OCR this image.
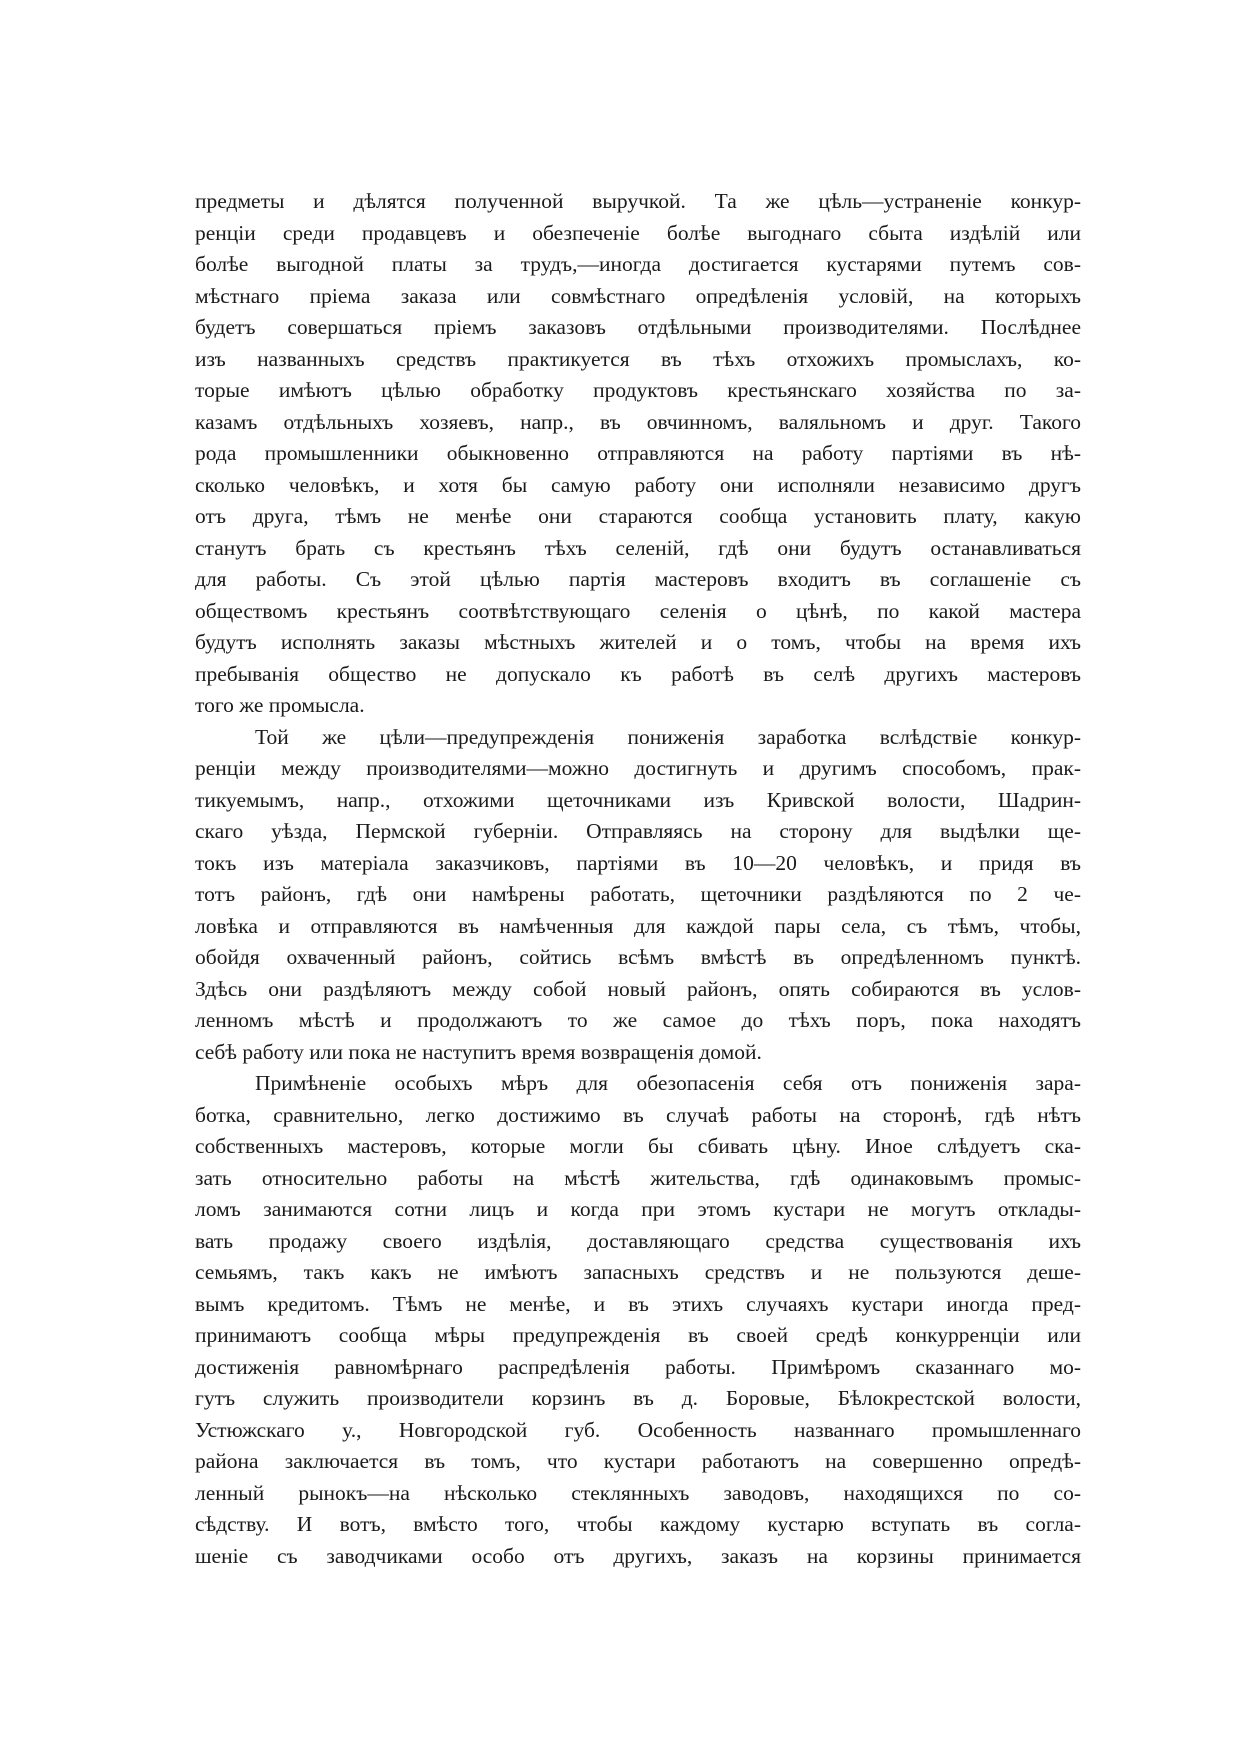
предметы и дѣлятся полученной выручкой. Та же цѣль—устраненіе конкур-
ренціи среди продавцевъ и обезпеченіе болѣе выгоднаго сбыта издѣлій или
болѣе выгодной платы за трудъ,—иногда достигается кустарями путемъ сов-
мѣстнаго пріема заказа или совмѣстнаго опредѣленія условій, на которыхъ
будетъ совершаться пріемъ заказовъ отдѣльными производителями. Послѣднее
изъ названныхъ средствъ практикуется въ тѣхъ отхожихъ промыслахъ, ко-
торые имѣютъ цѣлью обработку продуктовъ крестьянскаго хозяйства по за-
казамъ отдѣльныхъ хозяевъ, напр., въ овчинномъ, валяльномъ и друг. Такого
рода промышленники обыкновенно отправляются на работу партіями въ нѣ-
сколько человѣкъ, и хотя бы самую работу они исполняли независимо другъ
отъ друга, тѣмъ не менѣе они стараются сообща установить плату, какую
станутъ брать съ крестьянъ тѣхъ селеній, гдѣ они будутъ останавливаться
для работы. Съ этой цѣлью партія мастеровъ входитъ въ соглашеніе съ
обществомъ крестьянъ соотвѣтствующаго селенія о цѣнѣ, по какой мастера
будутъ исполнять заказы мѣстныхъ жителей и о томъ, чтобы на время ихъ
пребыванія общество не допускало къ работѣ въ селѣ другихъ мастеровъ
того же промысла.
Той же цѣли—предупрежденія пониженія заработка вслѣдствіе конкур-
ренціи между производителями—можно достигнуть и другимъ способомъ, прак-
тикуемымъ, напр., отхожими щеточниками изъ Кривской волости, Шадрин-
скаго уѣзда, Пермской губерніи. Отправляясь на сторону для выдѣлки ще-
токъ изъ матеріала заказчиковъ, партіями въ 10—20 человѣкъ, и придя въ
тотъ районъ, гдѣ они намѣрены работать, щеточники раздѣляются по 2 че-
ловѣка и отправляются въ намѣченныя для каждой пары села, съ тѣмъ, чтобы,
обойдя охваченный районъ, сойтись всѣмъ вмѣстѣ въ опредѣленномъ пунктѣ.
Здѣсь они раздѣляютъ между собой новый районъ, опять собираются въ услов-
ленномъ мѣстѣ и продолжаютъ то же самое до тѣхъ поръ, пока находятъ
себѣ работу или пока не наступитъ время возвращенія домой.
Примѣненіе особыхъ мѣръ для обезопасенія себя отъ пониженія зара-
ботка, сравнительно, легко достижимо въ случаѣ работы на сторонѣ, гдѣ нѣтъ
собственныхъ мастеровъ, которые могли бы сбивать цѣну. Иное слѣдуетъ ска-
зать относительно работы на мѣстѣ жительства, гдѣ одинаковымъ промыс-
ломъ занимаются сотни лицъ и когда при этомъ кустари не могутъ отклады-
вать продажу своего издѣлія, доставляющаго средства существованія ихъ
семьямъ, такъ какъ не имѣютъ запасныхъ средствъ и не пользуются деше-
вымъ кредитомъ. Тѣмъ не менѣе, и въ этихъ случаяхъ кустари иногда пред-
принимаютъ сообща мѣры предупрежденія въ своей средѣ конкурренціи или
достиженія равномѣрнаго распредѣленія работы. Примѣромъ сказаннаго мо-
гутъ служить производители корзинъ въ д. Боровые, Бѣлокрестской волости,
Устюжскаго у., Новгородской губ. Особенность названнаго промышленнаго
района заключается въ томъ, что кустари работаютъ на совершенно опредѣ-
ленный рынокъ—на нѣсколько стеклянныхъ заводовъ, находящихся по со-
сѣдству. И вотъ, вмѣсто того, чтобы каждому кустарю вступать въ согла-
шеніе съ заводчиками особо отъ другихъ, заказъ на корзины принимается
